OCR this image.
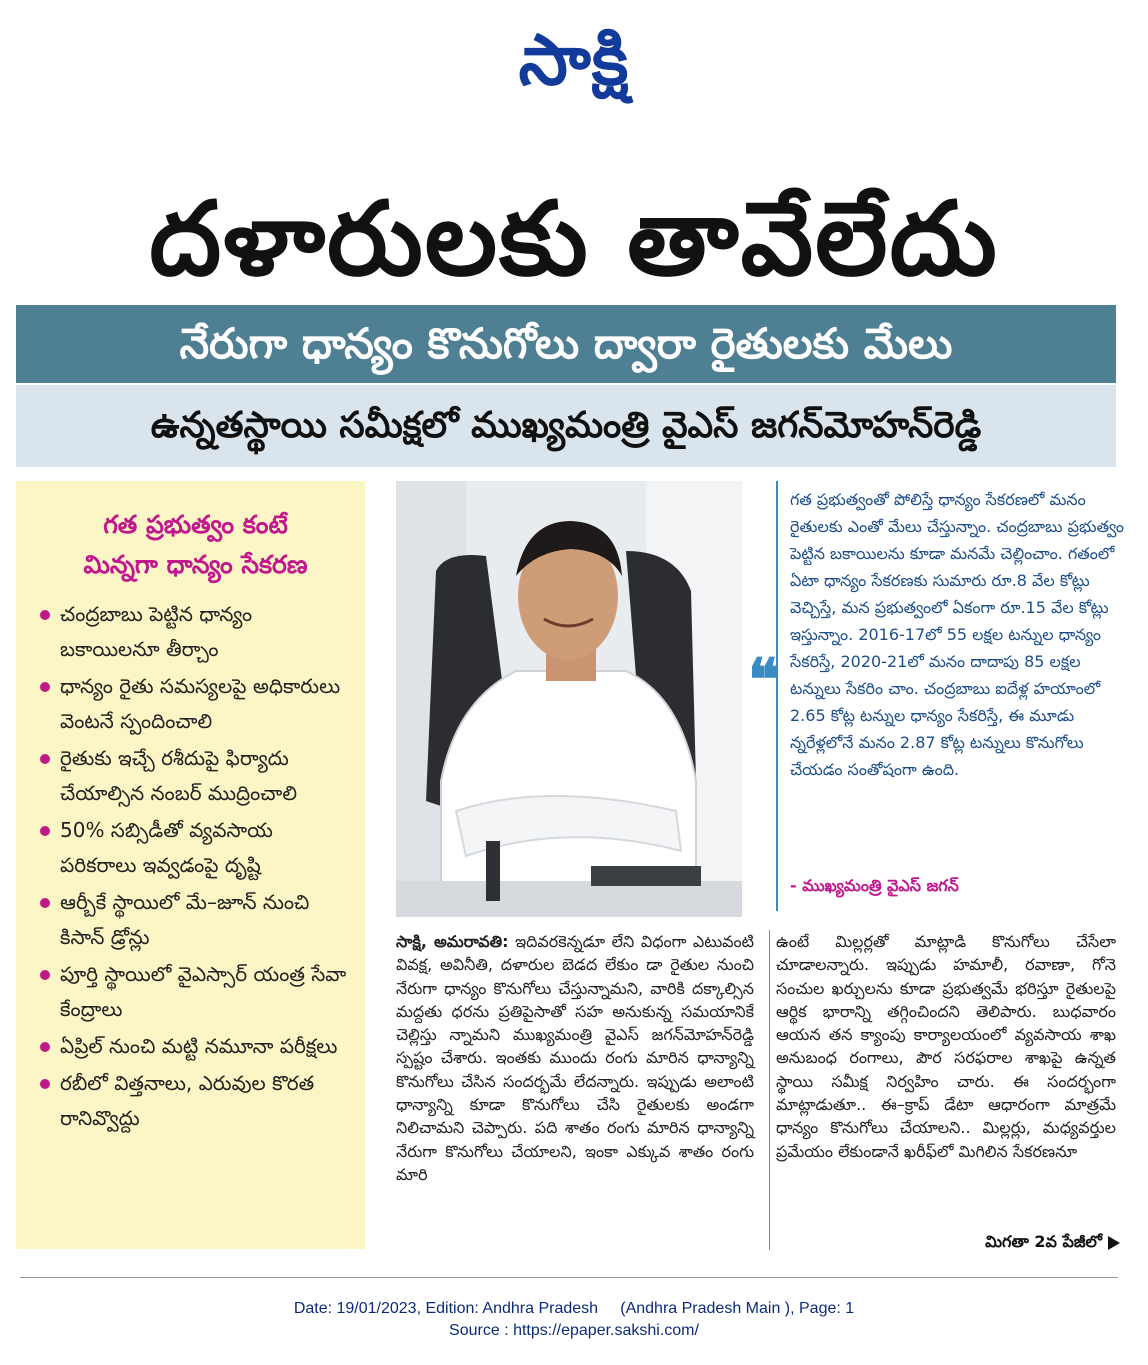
సాక్షి
దళారులకు తావేలేదు
నేరుగా ధాన్యం కొనుగోలు ద్వారా రైతులకు మేలు
ఉన్నతస్థాయి సమీక్షలో ముఖ్యమంత్రి వైఎస్ జగన్‌మోహన్‌రెడ్డి
గత ప్రభుత్వం కంటే
మిన్నగా ధాన్యం సేకరణ
చంద్రబాబు పెట్టిన ధాన్యం బకాయిలనూ తీర్చాం
ధాన్యం రైతు సమస్యలపై అధికారులు వెంటనే స్పందించాలి
రైతుకు ఇచ్చే రశీదుపై ఫిర్యాదు చేయాల్సిన నంబర్ ముద్రించాలి
50% సబ్సిడీతో వ్యవసాయ పరికరాలు ఇవ్వడంపై దృష్టి
ఆర్బీకే స్థాయిలో మే–జూన్ నుంచి కిసాన్ డ్రోన్లు
పూర్తి స్థాయిలో వైఎస్సార్ యంత్ర సేవా కేంద్రాలు
ఏప్రిల్ నుంచి మట్టి నమూనా పరీక్షలు
రబీలో విత్తనాలు, ఎరువుల కొరత రానివ్వొద్దు
❝
గత ప్రభుత్వంతో పోలిస్తే ధాన్యం సేకరణలో మనం రైతులకు ఎంతో మేలు చేస్తున్నాం. చంద్రబాబు ప్రభుత్వం పెట్టిన బకాయిలను కూడా మనమే చెల్లించాం. గతంలో ఏటా ధాన్యం సేకరణకు సుమారు రూ.8 వేల కోట్లు వెచ్చిస్తే, మన ప్రభుత్వంలో ఏకంగా రూ.15 వేల కోట్లు ఇస్తున్నాం. 2016-17లో 55 లక్షల టన్నుల ధాన్యం సేకరిస్తే, 2020-21లో మనం దాదాపు 85 లక్షల టన్నులు సేకరిం చాం. చంద్రబాబు ఐదేళ్ల హయాంలో 2.65 కోట్ల టన్నుల ధాన్యం సేకరిస్తే, ఈ మూడు న్నరేళ్లలోనే మనం 2.87 కోట్ల టన్నులు కొనుగోలు చేయడం సంతోషంగా ఉంది.
- ముఖ్యమంత్రి వైఎస్ జగన్
సాక్షి, అమరావతి: ఇదివరకెన్నడూ లేని విధంగా ఎటువంటి వివక్ష, అవినీతి, దళారుల బెడద లేకుం డా రైతుల నుంచి నేరుగా ధాన్యం కొనుగోలు చేస్తున్నామని, వారికి దక్కాల్సిన మద్దతు ధరను ప్రతిపైసాతో సహ అనుకున్న సమయానికే చెల్లిస్తు న్నామని ముఖ్యమంత్రి వైఎస్ జగన్‌మోహన్‌రెడ్డి స్పష్టం చేశారు. ఇంతకు ముందు రంగు మారిన ధాన్యాన్ని కొనుగోలు చేసిన సందర్భమే లేదన్నారు. ఇప్పుడు అలాంటి ధాన్యాన్ని కూడా కొనుగోలు చేసి రైతులకు అండగా నిలిచామని చెప్పారు. పది శాతం రంగు మారిన ధాన్యాన్ని నేరుగా కొనుగోలు చేయాలని, ఇంకా ఎక్కువ శాతం రంగు మారి
ఉంటే మిల్లర్లతో మాట్లాడి కొనుగోలు చేసేలా చూడాలన్నారు. ఇప్పుడు హమాలీ, రవాణా, గోనె సంచుల ఖర్చులను కూడా ప్రభుత్వమే భరిస్తూ రైతులపై ఆర్థిక భారాన్ని తగ్గించిందని తెలిపారు. బుధవారం ఆయన తన క్యాంపు కార్యాలయంలో వ్యవసాయ శాఖ అనుబంధ రంగాలు, పౌర సరఫరాల శాఖపై ఉన్నత స్థాయి సమీక్ష నిర్వహిం చారు. ఈ సందర్భంగా మాట్లాడుతూ.. ఈ–క్రాప్ డేటా ఆధారంగా మాత్రమే ధాన్యం కొనుగోలు చేయాలని.. మిల్లర్లు, మధ్యవర్తుల ప్రమేయం లేకుండానే ఖరీఫ్‌లో మిగిలిన సేకరణనూ
మిగతా 2వ పేజీలో
Date: 19/01/2023, Edition: Andhra Pradesh     (Andhra Pradesh Main ), Page: 1
Source : https://epaper.sakshi.com/
